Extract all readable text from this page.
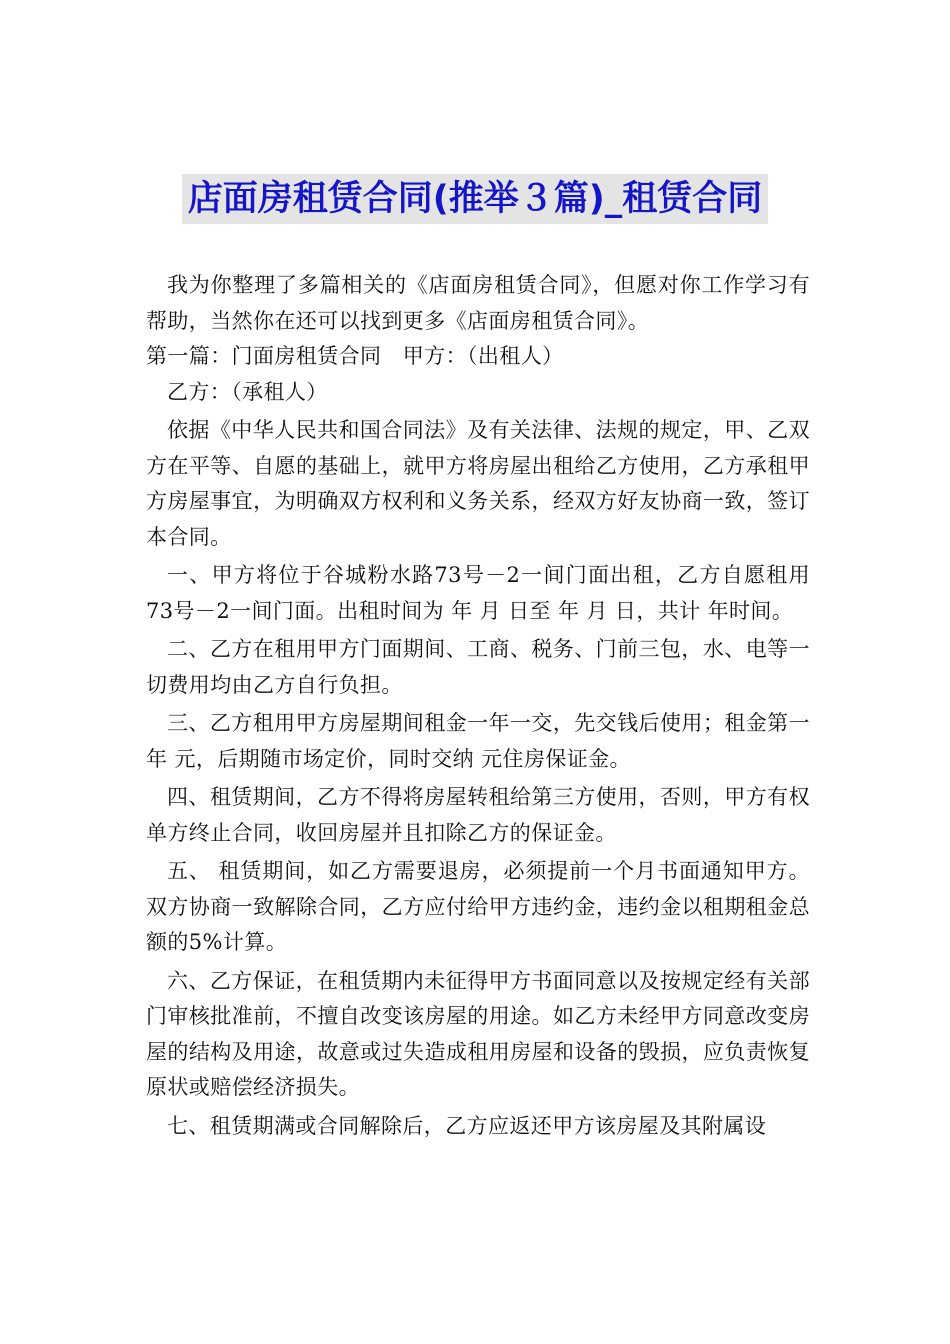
店面房租赁合同(推举３篇)_租赁合同

我为你整理了多篇相关的《店面房租赁合同》，但愿对你工作学习有帮助，当然你在还可以找到更多《店面房租赁合同》。

第一篇：门面房租赁合同　甲方：（出租人）

乙方：（承租人）

依据《中华人民共和国合同法》及有关法律、法规的规定，甲、乙双方在平等、自愿的基础上，就甲方将房屋出租给乙方使用，乙方承租甲方房屋事宜，为明确双方权利和义务关系，经双方好友协商一致，签订本合同。

一、甲方将位于谷城粉水路73号－2一间门面出租，乙方自愿租用73号－2一间门面。出租时间为 年 月 日至 年 月 日，共计 年时间。

二、乙方在租用甲方门面期间、工商、税务、门前三包，水、电等一切费用均由乙方自行负担。

三、乙方租用甲方房屋期间租金一年一交，先交钱后使用；租金第一年 元，后期随市场定价，同时交纳 元住房保证金。

四、租赁期间，乙方不得将房屋转租给第三方使用，否则，甲方有权单方终止合同，收回房屋并且扣除乙方的保证金。

五、 租赁期间，如乙方需要退房，必须提前一个月书面通知甲方。双方协商一致解除合同，乙方应付给甲方违约金，违约金以租期租金总额的5%计算。

六、乙方保证，在租赁期内未征得甲方书面同意以及按规定经有关部门审核批准前，不擅自改变该房屋的用途。如乙方未经甲方同意改变房屋的结构及用途，故意或过失造成租用房屋和设备的毁损，应负责恢复原状或赔偿经济损失。

七、租赁期满或合同解除后，乙方应返还甲方该房屋及其附属设
